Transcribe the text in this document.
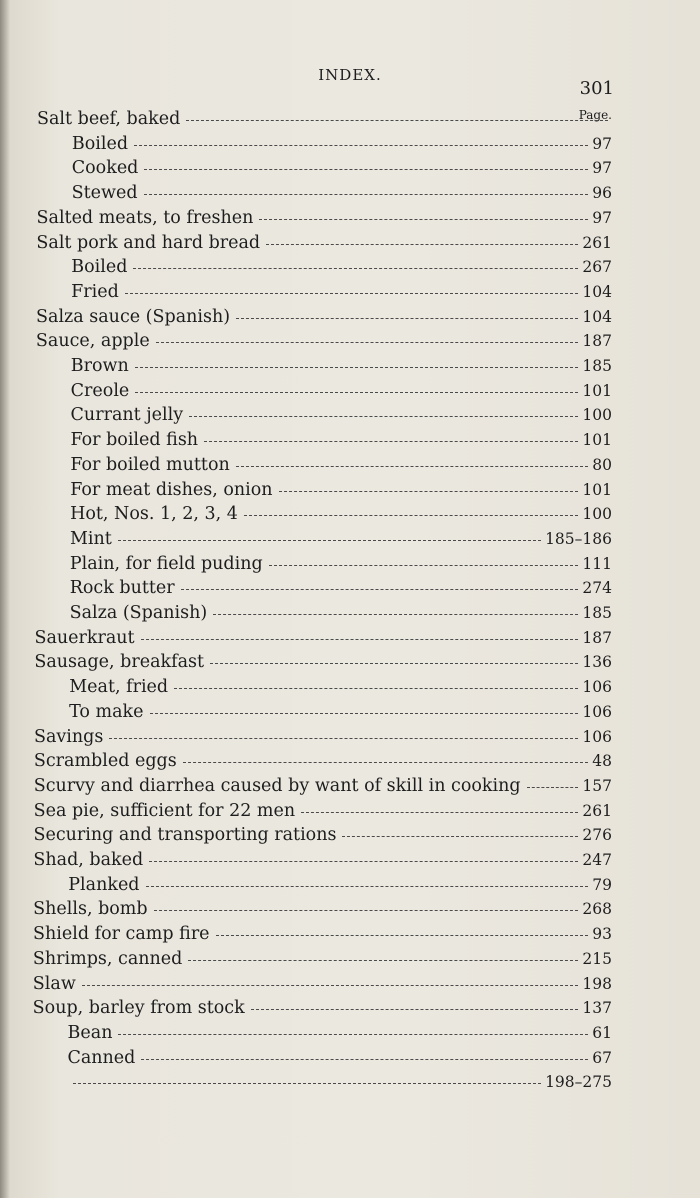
INDEX.
301
Page.
Salt beef, baked
Boiled	97
Cooked	97
Stewed	96
Salted meats, to freshen	97
Salt pork and hard bread	261
Boiled	267
Fried	104
Salza sauce (Spanish)	104
Sauce, apple	187
Brown	185
Creole	101
Currant jelly	100
For boiled fish	101
For boiled mutton	80
For meat dishes, onion	101
Hot, Nos. 1, 2, 3, 4	100
Mint	185–186
Plain, for field puding	111
Rock butter	274
Salza (Spanish)	185
Sauerkraut	187
Sausage, breakfast	136
Meat, fried	106
To make	106
Savings	106
Scrambled eggs	48
Scurvy and diarrhea caused by want of skill in cooking	157
Sea pie, sufficient for 22 men	261
Securing and transporting rations	276
Shad, baked	247
Planked	79
Shells, bomb	268
Shield for camp fire	93
Shrimps, canned	215
Slaw	198
Soup, barley from stock	137
Bean	61
Canned	67
198–275
